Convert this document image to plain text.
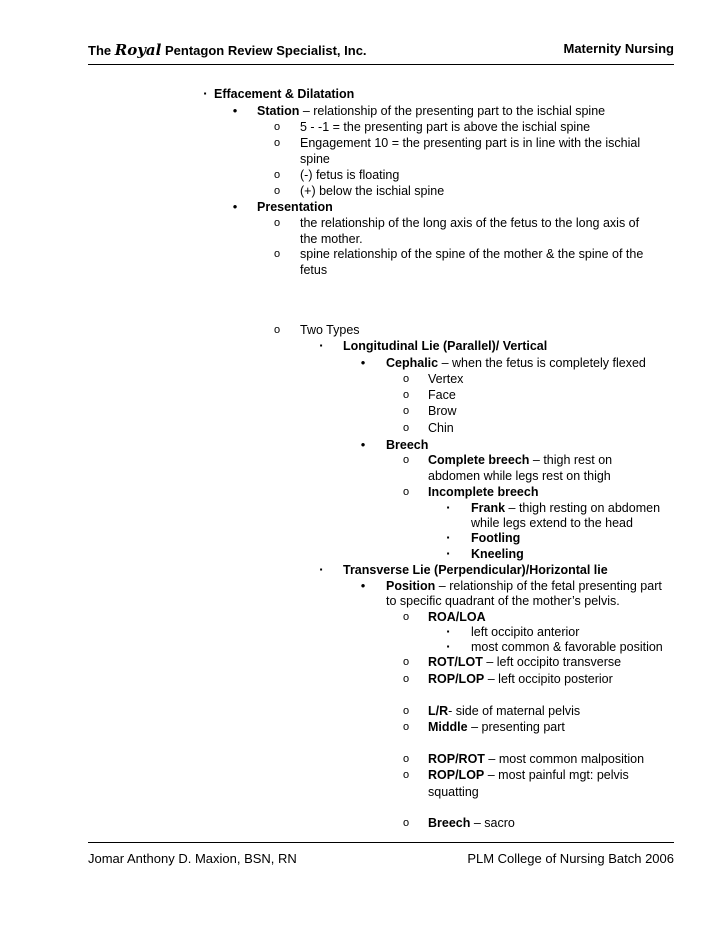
The Royal Pentagon Review Specialist, Inc.	Maternity Nursing
▪ Effacement & Dilatation
• Station – relationship of the presenting part to the ischial spine
o 5 - -1 = the presenting part is above the ischial spine
o Engagement 10 = the presenting part is in line with the ischial
spine
o (-) fetus is floating
o (+) below the ischial spine
• Presentation
o the relationship of the long axis of the fetus to the long axis of
the mother.
o spine relationship of the spine of the mother & the spine of the
fetus
o Two Types
▪ Longitudinal Lie (Parallel)/ Vertical
• Cephalic – when the fetus is completely flexed
o Vertex
o Face
o Brow
o Chin
• Breech
o Complete breech – thigh rest on
abdomen while legs rest on thigh
o Incomplete breech
▪ Frank – thigh resting on abdomen
while legs extend to the head
▪ Footling
▪ Kneeling
▪ Transverse Lie (Perpendicular)/Horizontal lie
• Position – relationship of the fetal presenting part
to specific quadrant of the mother’s pelvis.
o ROA/LOA
▪ left occipito anterior
▪ most common & favorable position
o ROT/LOT – left occipito transverse
o ROP/LOP – left occipito posterior
o L/R- side of maternal pelvis
o Middle – presenting part
o ROP/ROT – most common malposition
o ROP/LOP – most painful mgt: pelvis
squatting
o Breech – sacro
Jomar Anthony D. Maxion, BSN, RN	PLM College of Nursing Batch 2006
